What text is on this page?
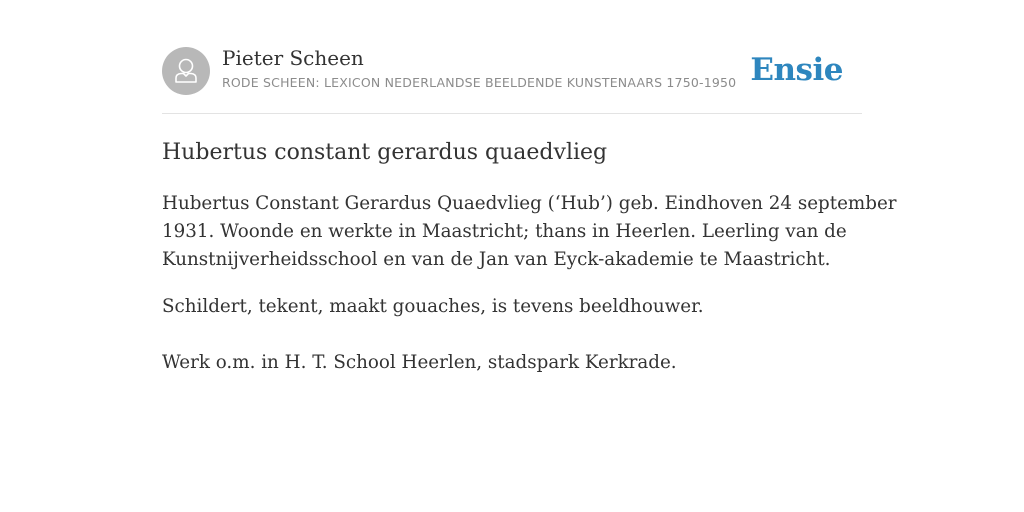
Pieter Scheen
RODE SCHEEN: LEXICON NEDERLANDSE BEELDENDE KUNSTENAARS 1750-1950 Ensie
Hubertus constant gerardus quaedvlieg

Hubertus Constant Gerardus Quaedvlieg (‘Hub’) geb. Eindhoven 24 september
1931. Woonde en werkte in Maastricht; thans in Heerlen. Leerling van de
Kunstnijverheidsschool en van de Jan van Eyck-akademie te Maastricht.

Schildert, tekent, maakt gouaches, is tevens beeldhouwer.

Werk o.m. in H. T. School Heerlen, stadspark Kerkrade.
